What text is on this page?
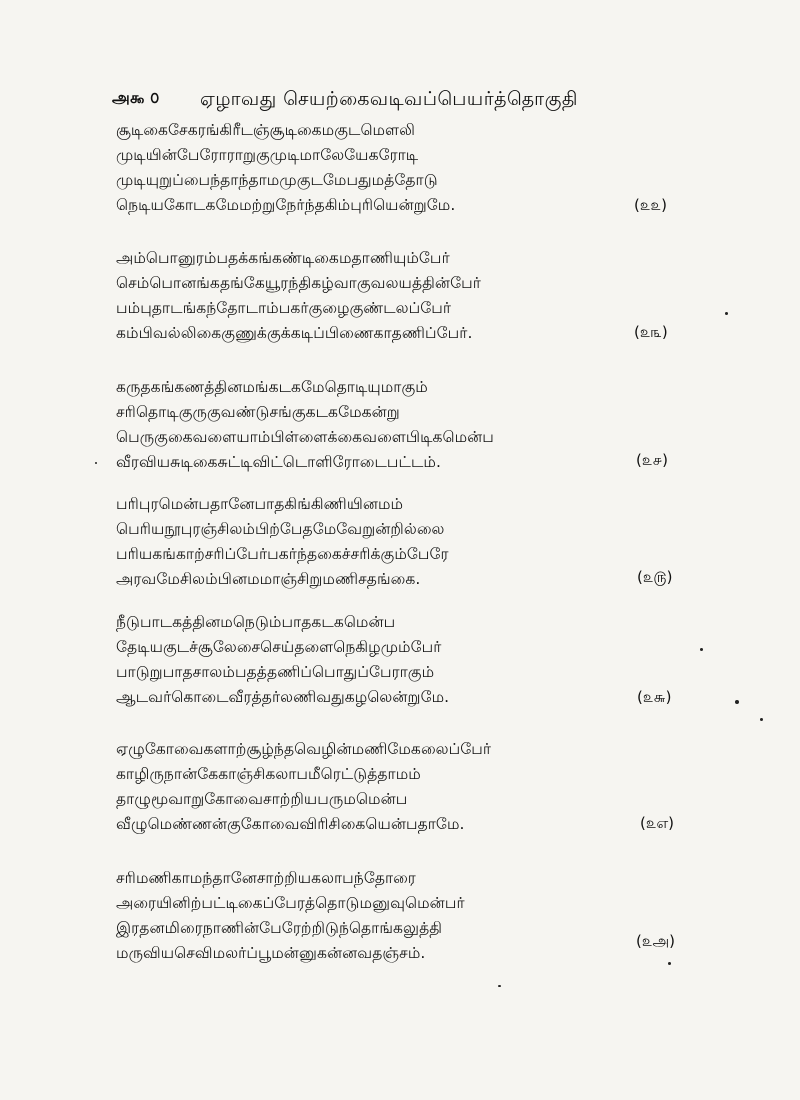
அ௯ ௦ ஏழாவது செயற்கைவடிவப்பெயர்த்தொகுதி
சூடிகைசேகரங்கிரீடஞ்சூடிகைமகுடமௌலி
முடியின்பேரோராறுகுமுடிமாலேயேகரோடி
முடியுறுப்பைந்தாந்தாமமுகுடமேபதுமத்தோடு
நெடியகோடகமேமற்றுநேர்ந்தகிம்புரியென்றுமே.	(௨௨)
அம்பொனுரம்பதக்கங்கண்டிகைமதாணியும்பேர்
செம்பொனங்கதங்கேயூரந்திகழ்வாகுவலயத்தின்பேர்
பம்புதாடங்கந்தோடாம்பகர்குழைகுண்டலப்பேர்
கம்பிவல்லிகைகுணுக்குக்கடிப்பிணைகாதணிப்பேர்.	(௨௩)
கருதகங்கணத்தினமங்கடகமேதொடியுமாகும்
சரிதொடிகுருகுவண்டுசங்குகடகமேகன்று
பெருகுகைவளையாம்பிள்ளைக்கைவளைபிடிகமென்ப
வீரவியசுடிகைசுட்டிவிட்டொளிரோடைபட்டம்.	(௨௪)
பரிபுரமென்பதானேபாதகிங்கிணியினமம்
பெரியநூபுரஞ்சிலம்பிற்பேதமேவேறுன்றில்லை
பரியகங்காற்சரிப்பேர்பகர்ந்தகைச்சரிக்கும்பேரே
அரவமேசிலம்பினமமாஞ்சிறுமணிசதங்கை.	(௨௫)
நீடுபாடகத்தினமநெடும்பாதகடகமென்ப
தேடியகுடச்சூலேசைசெய்தளைநெகிழமும்பேர்
பாடுறுபாதசாலம்பதத்தணிப்பொதுப்பேராகும்
ஆடவர்கொடைவீரத்தர்லணிவதுகழலென்றுமே.	(௨௬)
ஏழுகோவைகளாற்சூழ்ந்தவெழின்மணிமேகலைப்பேர்
காழிருநான்கேகாஞ்சிகலாபமீரெட்டுத்தாமம்
தாழுமூவாறுகோவைசாற்றியபருமமென்ப
வீழுமெண்ணன்குகோவைவிரிசிகையென்பதாமே.	(௨எ)
சரிமணிகாமந்தானேசாற்றியகலாபந்தோரை
அரையினிற்பட்டிகைப்பேரத்தொடுமனுவுமென்பர்
இரதனமிரைநாணின்பேரேற்றிடுந்தொங்கலுத்தி
மருவியசெவிமலர்ப்பூமன்னுகன்னவதஞ்சம்.
(௨அ)
